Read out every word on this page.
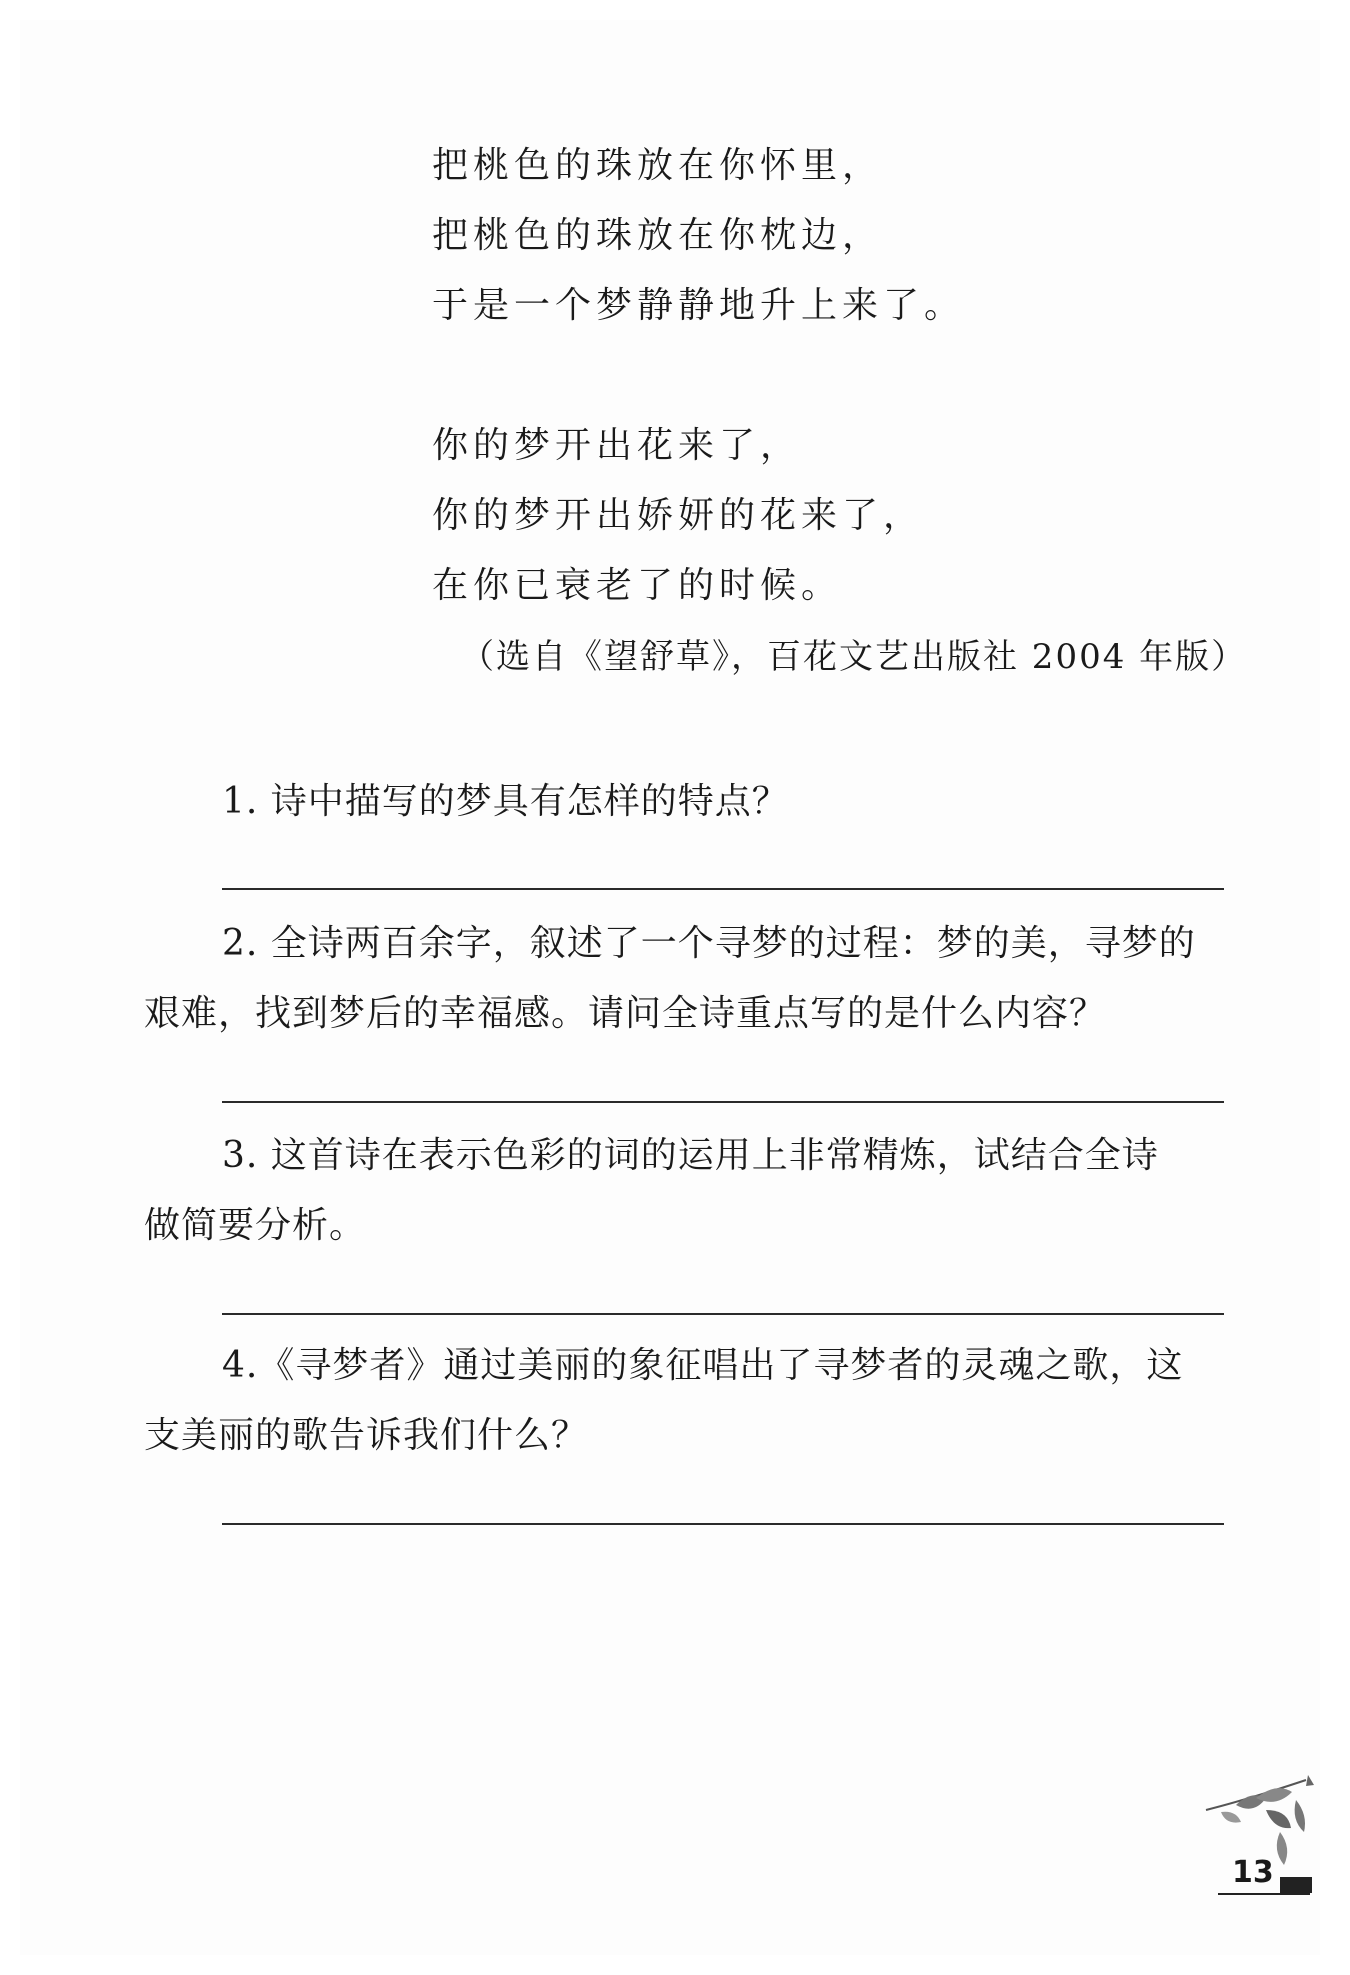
把桃色的珠放在你怀里，
把桃色的珠放在你枕边，
于是一个梦静静地升上来了。
你的梦开出花来了，
你的梦开出娇妍的花来了，
在你已衰老了的时候。
（选自《望舒草》，百花文艺出版社 2004 年版）
1. 诗中描写的梦具有怎样的特点？
2. 全诗两百余字，叙述了一个寻梦的过程：梦的美，寻梦的
艰难，找到梦后的幸福感。请问全诗重点写的是什么内容？
3. 这首诗在表示色彩的词的运用上非常精炼，试结合全诗
做简要分析。
4.《寻梦者》通过美丽的象征唱出了寻梦者的灵魂之歌，这
支美丽的歌告诉我们什么？
13
